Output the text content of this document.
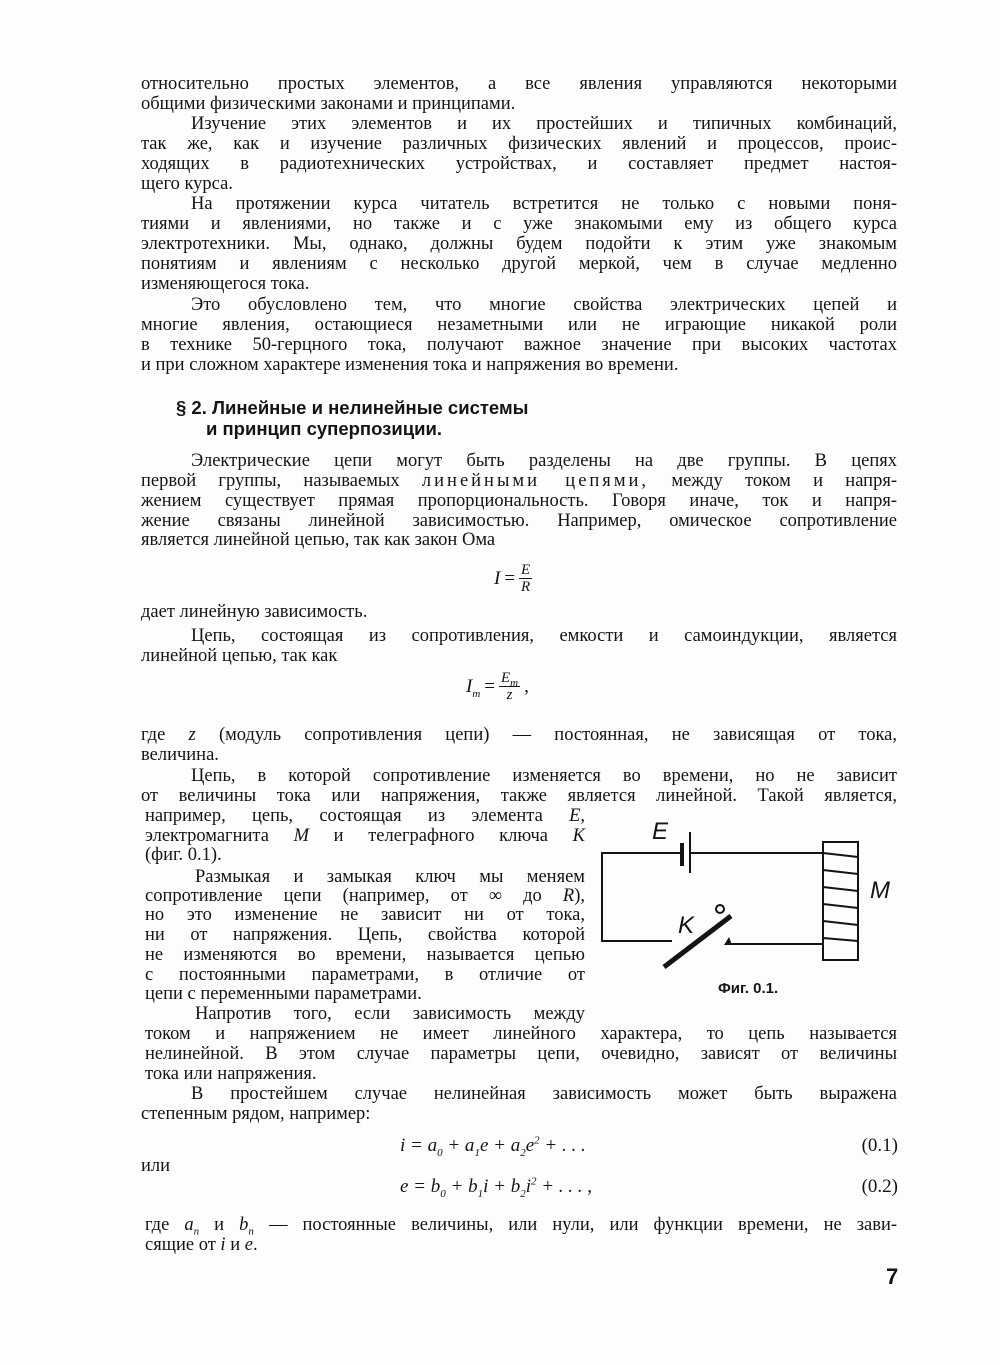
относительно простых элементов, а все явления управляются некоторыми
общими физическими законами и принципами.
Изучение этих элементов и их простейших и типичных комбинаций,
так же, как и изучение различных физических явлений и процессов, проис-
ходящих в радиотехнических устройствах, и составляет предмет настоя-
щего курса.
На протяжении курса читатель встретится не только с новыми поня-
тиями и явлениями, но также и с уже знакомыми ему из общего курса
электротехники. Мы, однако, должны будем подойти к этим уже знакомым
понятиям и явлениям с несколько другой меркой, чем в случае медленно
изменяющегося тока.
Это обусловлено тем, что многие свойства электрических цепей и
многие явления, остающиеся незаметными или не играющие никакой роли
в технике 50-герцного тока, получают важное значение при высоких частотах
и при сложном характере изменения тока и напряжения во времени.
§ 2. Линейные и нелинейные системы
и принцип суперпозиции.
Электрические цепи могут быть разделены на две группы. В цепях
первой группы, называемых линейными цепями, между током и напря-
жением существует прямая пропорциональность. Говоря иначе, ток и напря-
жение связаны линейной зависимостью. Например, омическое сопротивление
является линейной цепью, так как закон Ома
$I = \frac{E}{R}$
дает линейную зависимость.
Цепь, состоящая из сопротивления, емкости и самоиндукции, является
линейной цепью, так как
$I_m = \frac{E_m}{z}$ ,
где z (модуль сопротивления цепи) — постоянная, не зависящая от тока,
величина.
Цепь, в которой сопротивление изменяется во времени, но не зависит
от величины тока или напряжения, также является линейной. Такой является,
например, цепь, состоящая из элемента E,
электромагнита M и телеграфного ключа K
(фиг. 0.1).
Размыкая и замыкая ключ мы меняем
сопротивление цепи (например, от ∞ до R),
но это изменение не зависит ни от тока,
ни от напряжения. Цепь, свойства которой
не изменяются во времени, называется цепью
с постоянными параметрами, в отличие от
цепи с переменными параметрами.
Напротив того, если зависимость между
током и напряжением не имеет линейного характера, то цепь называется
нелинейной. В этом случае параметры цепи, очевидно, зависят от величины
тока или напряжения.
В простейшем случае нелинейная зависимость может быть выражена
степенным рядом, например:
$i = a_0 + a_1e + a_2e^2$ + . . .	(0.1)
или
$e = b_0 + b_1i + b_2i^2$ + . . . ,	(0.2)
где $a_n$ и $b_n$ — постоянные величины, или нули, или функции времени, не зави-
сящие от i и e.
E
K
M
Фиг. 0.1.
7
